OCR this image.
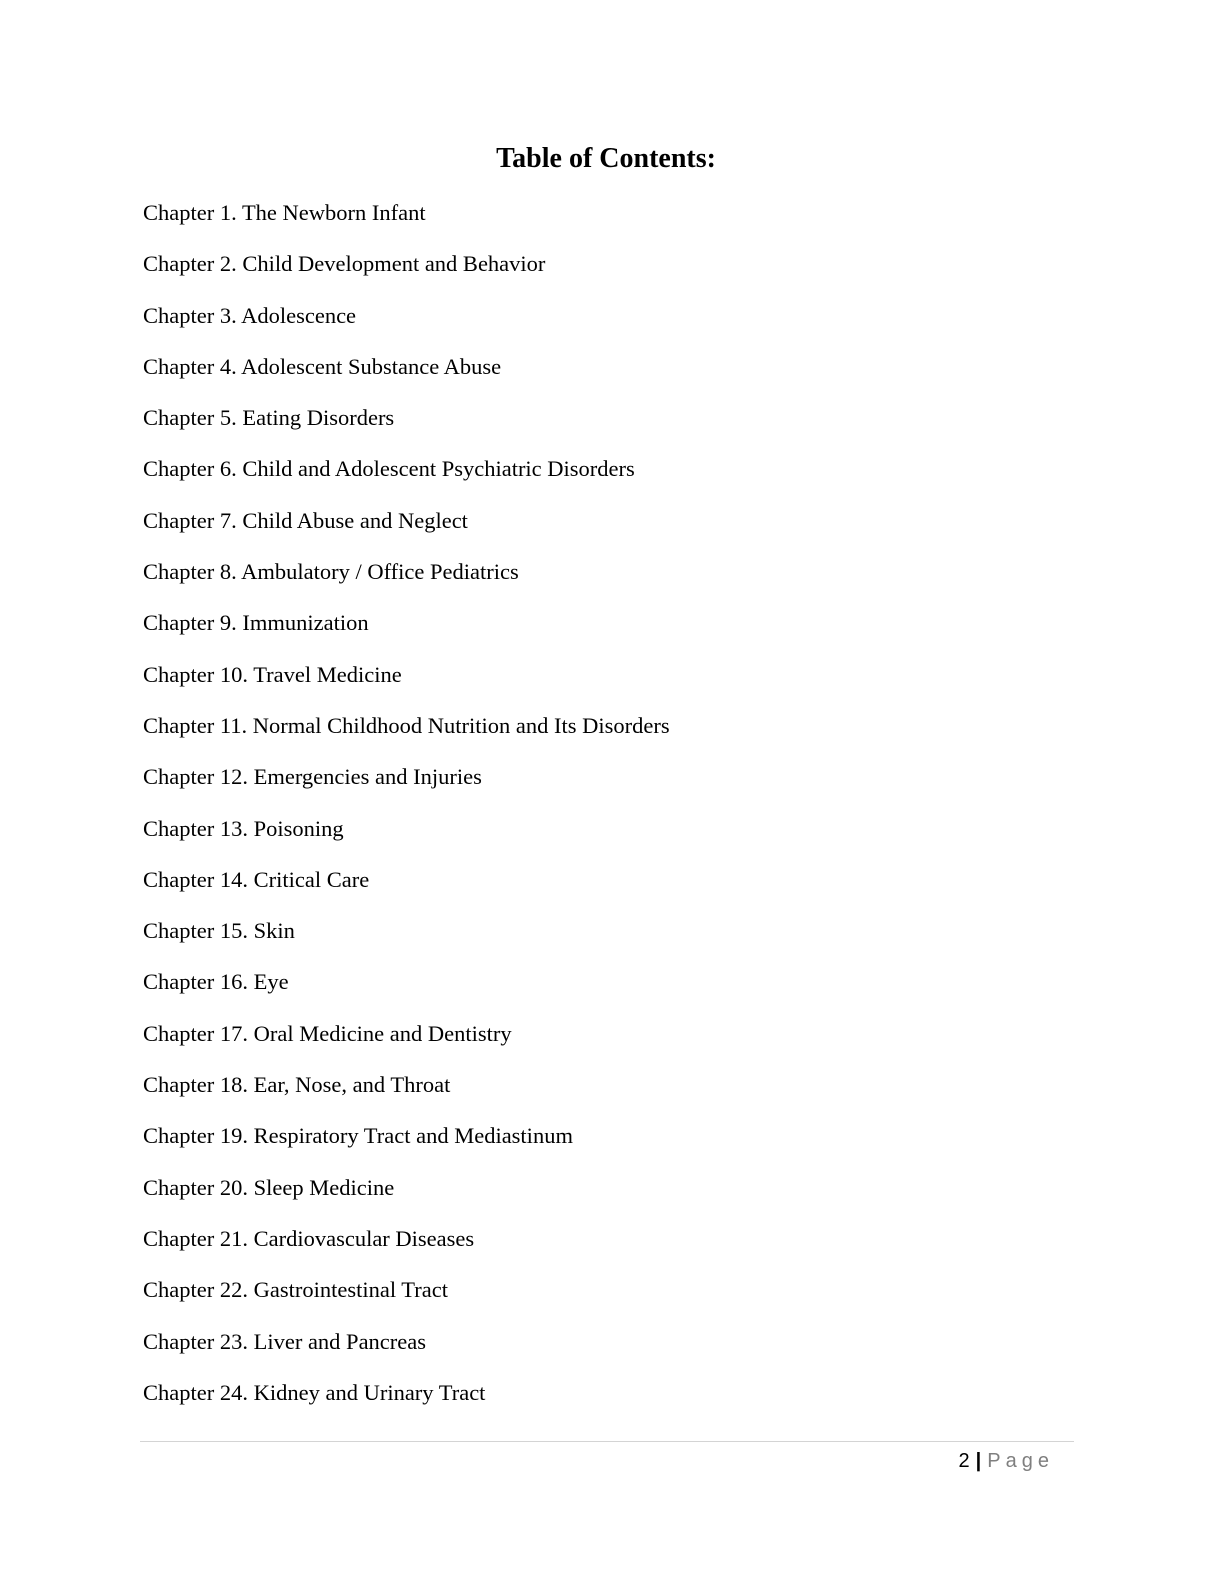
Table of Contents:
Chapter 1. The Newborn Infant
Chapter 2. Child Development and Behavior
Chapter 3. Adolescence
Chapter 4. Adolescent Substance Abuse
Chapter 5. Eating Disorders
Chapter 6. Child and Adolescent Psychiatric Disorders
Chapter 7. Child Abuse and Neglect
Chapter 8. Ambulatory / Office Pediatrics
Chapter 9. Immunization
Chapter 10. Travel Medicine
Chapter 11. Normal Childhood Nutrition and Its Disorders
Chapter 12. Emergencies and Injuries
Chapter 13. Poisoning
Chapter 14. Critical Care
Chapter 15. Skin
Chapter 16. Eye
Chapter 17. Oral Medicine and Dentistry
Chapter 18. Ear, Nose, and Throat
Chapter 19. Respiratory Tract and Mediastinum
Chapter 20. Sleep Medicine
Chapter 21. Cardiovascular Diseases
Chapter 22. Gastrointestinal Tract
Chapter 23. Liver and Pancreas
Chapter 24. Kidney and Urinary Tract
2 | Page
